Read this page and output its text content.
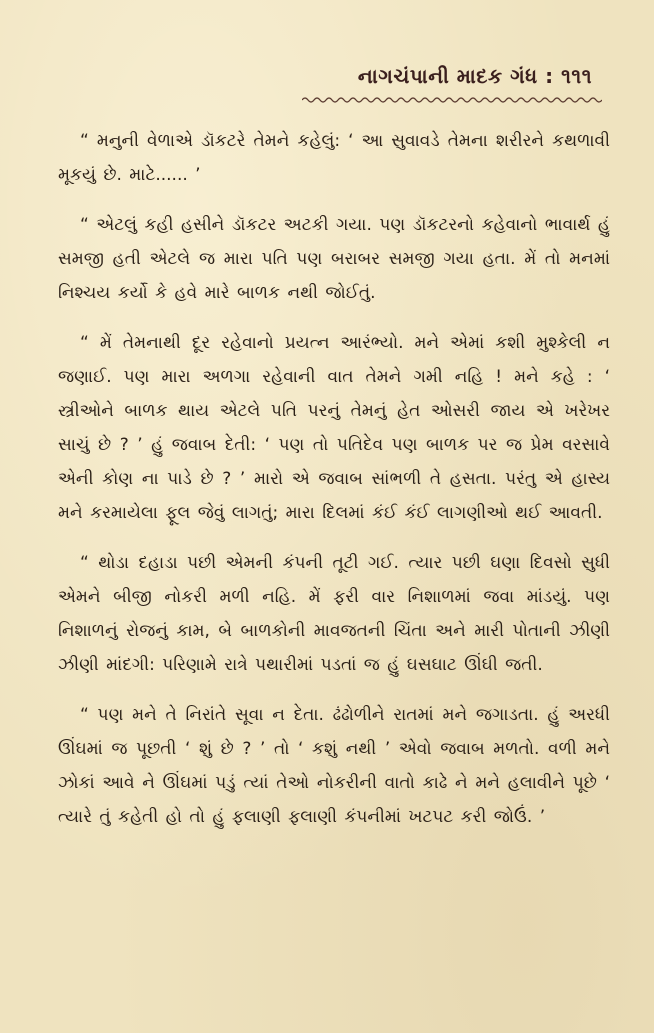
નાગચંપાની માદક ગંધ : ૧૧૧

“ મનુની વેળાએ ડૉકટરે તેમને કહેલું: ‘ આ સુવાવડે તેમના શરીરને કથળાવી મૂકયું છે. માટે...... ’

“ એટલું કહી હસીને ડૉકટર અટકી ગયા. પણ ડૉકટરનો કહેવાનો ભાવાર્થ હું સમજી હતી એટલે જ મારા પતિ પણ બરાબર સમજી ગયા હતા. મેં તો મનમાં નિશ્ચય કર્યો કે હવે મારે બાળક નથી જોઈતું.

“ મેં તેમનાથી દૂર રહેવાનો પ્રયત્ન આરંભ્યો. મને એમાં કશી મુશ્કેલી ન જણાઈ. પણ મારા અળગા રહેવાની વાત તેમને ગમી નહિ ! મને કહે : ‘ સ્ત્રીઓને બાળક થાય એટલે પતિ પરનું તેમનું હેત ઓસરી જાય એ ખરેખર સાચું છે ? ’ હું જવાબ દેતી: ‘ પણ તો પતિદેવ પણ બાળક પર જ પ્રેમ વરસાવે એની કોણ ના પાડે છે ? ’ મારો એ જવાબ સાંભળી તે હસતા. પરંતુ એ હાસ્ય મને કરમાયેલા ફૂલ જેવું લાગતું; મારા દિલમાં કંઈ કંઈ લાગણીઓ થઈ આવતી.

“ થોડા દહાડા પછી એમની કંપની તૂટી ગઈ. ત્યાર પછી ઘણા દિવસો સુધી એમને બીજી નોકરી મળી નહિ. મેં ફરી વાર નિશાળમાં જવા માંડયું. પણ નિશાળનું રોજનું કામ, બે બાળકોની માવજતની ચિંતા અને મારી પોતાની ઝીણી ઝીણી માંદગી: પરિણામે રાત્રે પથારીમાં પડતાં જ હું ઘસઘાટ ઊંઘી જતી.

“ પણ મને તે નિરાંતે સૂવા ન દેતા. ઢંઢોળીને રાતમાં મને જગાડતા. હું અરધી ઊંઘમાં જ પૂછતી ‘ શું છે ? ’ તો ‘ કશું નથી ’ એવો જવાબ મળતો. વળી મને ઝોકાં આવે ને ઊંઘમાં પડું ત્યાં તેઓ નોકરીની વાતો કાઢે ને મને હલાવીને પૂછે ‘ ત્યારે તું કહેતી હો તો હું ફલાણી ફલાણી કંપનીમાં ખટપટ કરી જોઉં. ’
